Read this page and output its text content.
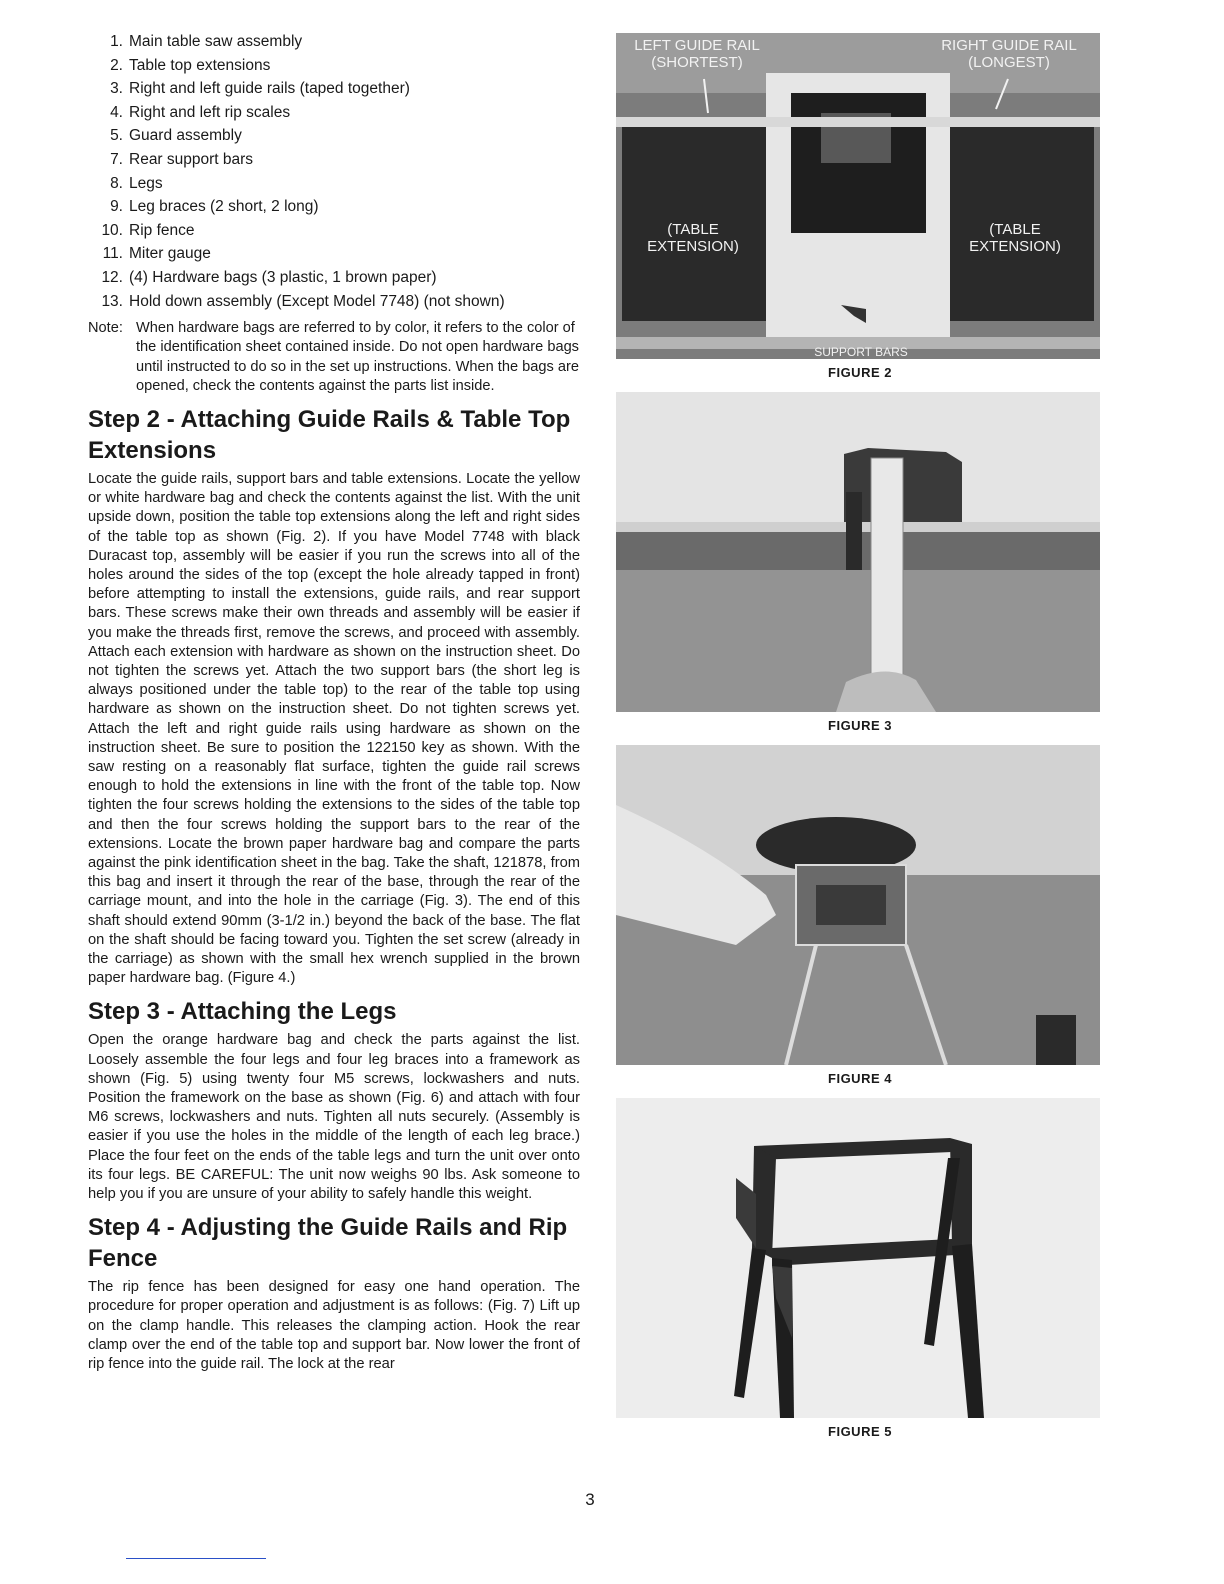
1. Main table saw assembly
2. Table top extensions
3. Right and left guide rails (taped together)
4. Right and left rip scales
5. Guard assembly
7. Rear support bars
8. Legs
9. Leg braces (2 short, 2 long)
10. Rip fence
11. Miter gauge
12. (4) Hardware bags (3 plastic, 1 brown paper)
13. Hold down assembly (Except Model 7748) (not shown)
Note: When hardware bags are referred to by color, it refers to the color of the identification sheet contained inside. Do not open hardware bags until instructed to do so in the set up instructions. When the bags are opened, check the contents against the parts list inside.
Step 2 - Attaching Guide Rails & Table Top Extensions

Locate the guide rails, support bars and table extensions. Locate the yellow or white hardware bag and check the contents against the list. With the unit upside down, position the table top extensions along the left and right sides of the table top as shown (Fig. 2). If you have Model 7748 with black Duracast top, assembly will be easier if you run the screws into all of the holes around the sides of the top (except the hole already tapped in front) before attempting to install the extensions, guide rails, and rear support bars. These screws make their own threads and assembly will be easier if you make the threads first, remove the screws, and proceed with assembly. Attach each extension with hardware as shown on the instruction sheet. Do not tighten the screws yet. Attach the two support bars (the short leg is always positioned under the table top) to the rear of the table top using hardware as shown on the instruction sheet. Do not tighten screws yet. Attach the left and right guide rails using hardware as shown on the instruction sheet. Be sure to position the 122150 key as shown. With the saw resting on a reasonably flat surface, tighten the guide rail screws enough to hold the extensions in line with the front of the table top. Now tighten the four screws holding the extensions to the sides of the table top and then the four screws holding the support bars to the rear of the extensions. Locate the brown paper hardware bag and compare the parts against the pink identification sheet in the bag. Take the shaft, 121878, from this bag and insert it through the rear of the base, through the rear of the carriage mount, and into the hole in the carriage (Fig. 3). The end of this shaft should extend 90mm (3-1/2 in.) beyond the back of the base. The flat on the shaft should be facing toward you. Tighten the set screw (already in the carriage) as shown with the small hex wrench supplied in the brown paper hardware bag. (Figure 4.)

Step 3 - Attaching the Legs

Open the orange hardware bag and check the parts against the list. Loosely assemble the four legs and four leg braces into a framework as shown (Fig. 5) using twenty four M5 screws, lockwashers and nuts. Position the framework on the base as shown (Fig. 6) and attach with four M6 screws, lockwashers and nuts. Tighten all nuts securely. (Assembly is easier if you use the holes in the middle of the length of each leg brace.) Place the four feet on the ends of the table legs and turn the unit over onto its four legs. BE CAREFUL: The unit now weighs 90 lbs. Ask someone to help you if you are unsure of your ability to safely handle this weight.

Step 4 - Adjusting the Guide Rails and Rip Fence

The rip fence has been designed for easy one hand operation. The procedure for proper operation and adjustment is as follows: (Fig. 7) Lift up on the clamp handle. This releases the clamping action. Hook the rear clamp over the end of the table top and support bar. Now lower the front of rip fence into the guide rail. The lock at the rear

LEFT GUIDE RAIL
(SHORTEST)
RIGHT GUIDE RAIL
(LONGEST)
(TABLE
EXTENSION)
(TABLE
EXTENSION)
SUPPORT BARS
FIGURE 2
FIGURE 3
FIGURE 4
FIGURE 5
3
